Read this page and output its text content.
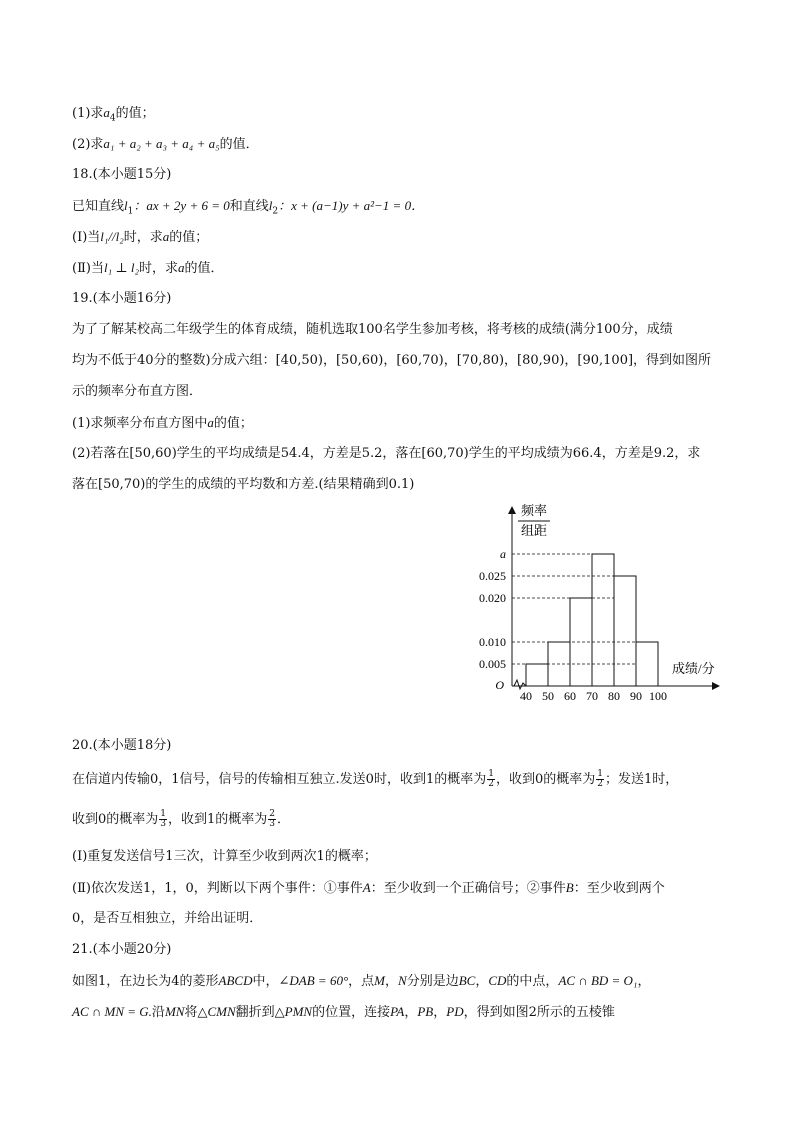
(1)求$a_4$的值；
(2)求a₁ + a₂ + a₃ + a₄ + a₅的值．
18.(本小题15分)
已知直线$l_1$：ax + 2y + 6 = 0和直线$l_2$：x + (a−1)y + a²−1 = 0．
(Ⅰ)当l₁//l₂时，求a的值；
(Ⅱ)当l₁ ⊥ l₂时，求a的值．
19.(本小题16分)
为了了解某校高二年级学生的体育成绩，随机选取100名学生参加考核，将考核的成绩(满分100分，成绩
均为不低于40分的整数)分成六组：[40,50)，[50,60)，[60,70)，[70,80)，[80,90)，[90,100]，得到如图所
示的频率分布直方图．
(1)求频率分布直方图中a的值；
(2)若落在[50,60)学生的平均成绩是54.4，方差是5.2，落在[60,70)学生的平均成绩为66.4，方差是9.2，求
落在[50,70)的学生的成绩的平均数和方差.(结果精确到0.1)
a
0.025
0.020
0.010
0.005
40 50 60 70 80 90 100
O
频率
组距
成绩/分
20.(本小题18分)
在信道内传输0，1信号，信号的传输相互独立.发送0时，收到1的概率为 $\frac{1}{2}$ ，收到0的概率为 $\frac{1}{2}$ ；发送1时，
收到0的概率为 $\frac{1}{3}$ ，收到1的概率为 $\frac{2}{3}$ ．
(Ⅰ)重复发送信号1三次，计算至少收到两次1的概率；
(Ⅱ)依次发送1，1，0，判断以下两个事件：①事件A：至少收到一个正确信号；②事件B：至少收到两个
0，是否互相独立，并给出证明．
21.(本小题20分)
如图1，在边长为4的菱形ABCD中，∠DAB = 60°，点M，N分别是边BC，CD的中点，AC ∩ BD = O₁，
AC ∩ MN = G.沿MN将△CMN翻折到△PMN的位置，连接PA，PB，PD，得到如图2所示的五棱锥
